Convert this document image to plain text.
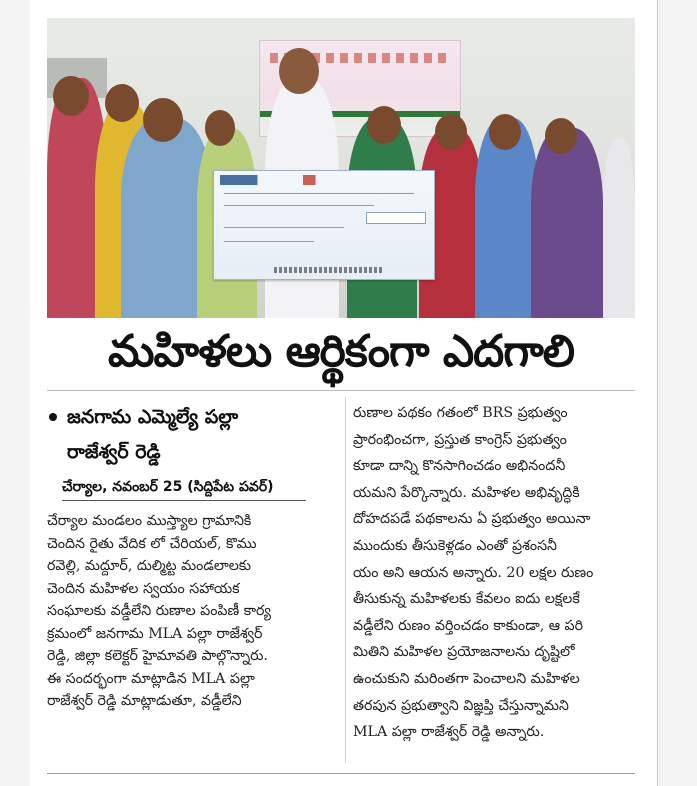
మహిళలు ఆర్థికంగా ఎదగాలి
జనగామ ఎమ్మెల్యే పల్లా
రాజేశ్వర్ రెడ్డి
చేర్యాల, నవంబర్ 25 (సిద్దిపేట పవర్)
చేర్యాల మండలం ముస్త్యాల గ్రామానికి
చెందిన రైతు వేదిక లో చేరియల్, కొము
రవెల్లి, మద్దూర్, దుల్మిట్ట మండలాలకు
చెందిన మహిళల స్వయం సహాయక
సంఘాలకు వడ్డీలేని రుణాల పంపిణీ కార్య
క్రమంలో జనగామ MLA పల్లా రాజేశ్వర్
రెడ్డి, జిల్లా కలెక్టర్ హైమావతి పాల్గొన్నారు.
ఈ సందర్భంగా మాట్లాడిన MLA పల్లా
రాజేశ్వర్ రెడ్డి మాట్లాడుతూ, వడ్డీలేని
రుణాల పథకం గతంలో BRS ప్రభుత్వం
ప్రారంభించగా, ప్రస్తుత కాంగ్రెస్ ప్రభుత్వం
కూడా దాన్ని కొనసాగించడం అభినందనీ
యమని పేర్కొన్నారు. మహిళల అభివృద్ధికి
దోహదపడే పథకాలను ఏ ప్రభుత్వం అయినా
ముందుకు తీసుకెళ్లడం ఎంతో ప్రశంసనీ
యం అని ఆయన అన్నారు. 20 లక్షల రుణం
తీసుకున్న మహిళలకు కేవలం ఐదు లక్షలకే
వడ్డీలేని రుణం వర్తించడం కాకుండా, ఆ పరి
మితిని మహిళల ప్రయోజనాలను దృష్టిలో
ఉంచుకుని మరింతగా పెంచాలని మహిళల
తరపున ప్రభుత్వాని విజ్ఞప్తి చేస్తున్నామని
MLA పల్లా రాజేశ్వర్ రెడ్డి అన్నారు.
